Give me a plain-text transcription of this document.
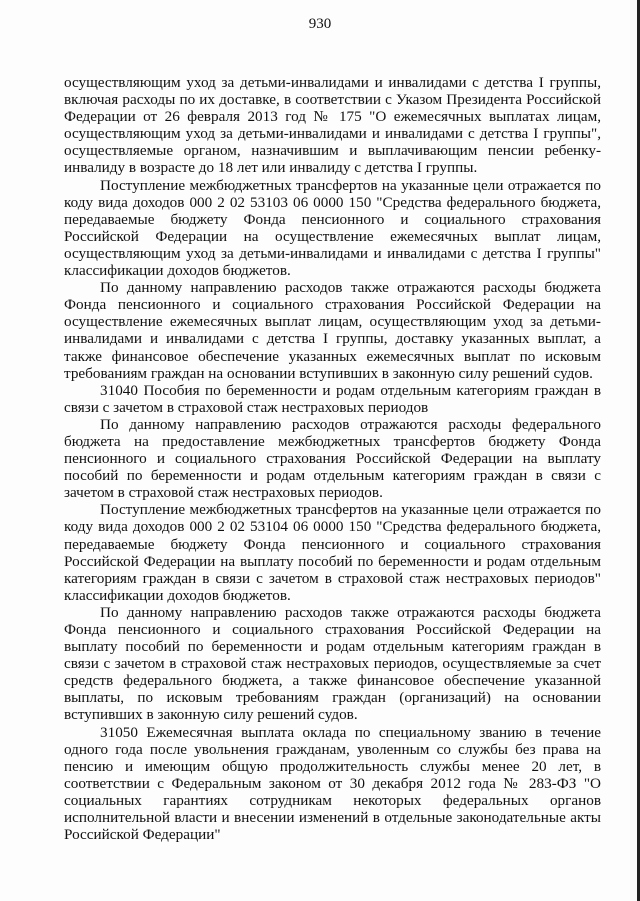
930

осуществляющим уход за детьми-инвалидами и инвалидами с детства I группы, включая расходы по их доставке, в соответствии с Указом Президента Российской Федерации от 26 февраля 2013 год № 175 "О ежемесячных выплатах лицам, осуществляющим уход за детьми-инвалидами и инвалидами с детства I группы", осуществляемые органом, назначившим и выплачивающим пенсии ребенку-инвалиду в возрасте до 18 лет или инвалиду с детства I группы.

Поступление межбюджетных трансфертов на указанные цели отражается по коду вида доходов 000 2 02 53103 06 0000 150 "Средства федерального бюджета, передаваемые бюджету Фонда пенсионного и социального страхования Российской Федерации на осуществление ежемесячных выплат лицам, осуществляющим уход за детьми-инвалидами и инвалидами с детства I группы" классификации доходов бюджетов.

По данному направлению расходов также отражаются расходы бюджета Фонда пенсионного и социального страхования Российской Федерации на осуществление ежемесячных выплат лицам, осуществляющим уход за детьми-инвалидами и инвалидами с детства I группы, доставку указанных выплат, а также финансовое обеспечение указанных ежемесячных выплат по исковым требованиям граждан на основании вступивших в законную силу решений судов.

31040 Пособия по беременности и родам отдельным категориям граждан в связи с зачетом в страховой стаж нестраховых периодов

По данному направлению расходов отражаются расходы федерального бюджета на предоставление межбюджетных трансфертов бюджету Фонда пенсионного и социального страхования Российской Федерации на выплату пособий по беременности и родам отдельным категориям граждан в связи с зачетом в страховой стаж нестраховых периодов.

Поступление межбюджетных трансфертов на указанные цели отражается по коду вида доходов 000 2 02 53104 06 0000 150 "Средства федерального бюджета, передаваемые бюджету Фонда пенсионного и социального страхования Российской Федерации на выплату пособий по беременности и родам отдельным категориям граждан в связи с зачетом в страховой стаж нестраховых периодов" классификации доходов бюджетов.

По данному направлению расходов также отражаются расходы бюджета Фонда пенсионного и социального страхования Российской Федерации на выплату пособий по беременности и родам отдельным категориям граждан в связи с зачетом в страховой стаж нестраховых периодов, осуществляемые за счет средств федерального бюджета, а также финансовое обеспечение указанной выплаты, по исковым требованиям граждан (организаций) на основании вступивших в законную силу решений судов.

31050 Ежемесячная выплата оклада по специальному званию в течение одного года после увольнения гражданам, уволенным со службы без права на пенсию и имеющим общую продолжительность службы менее 20 лет, в соответствии с Федеральным законом от 30 декабря 2012 года № 283-ФЗ "О социальных гарантиях сотрудникам некоторых федеральных органов исполнительной власти и внесении изменений в отдельные законодательные акты Российской Федерации"
